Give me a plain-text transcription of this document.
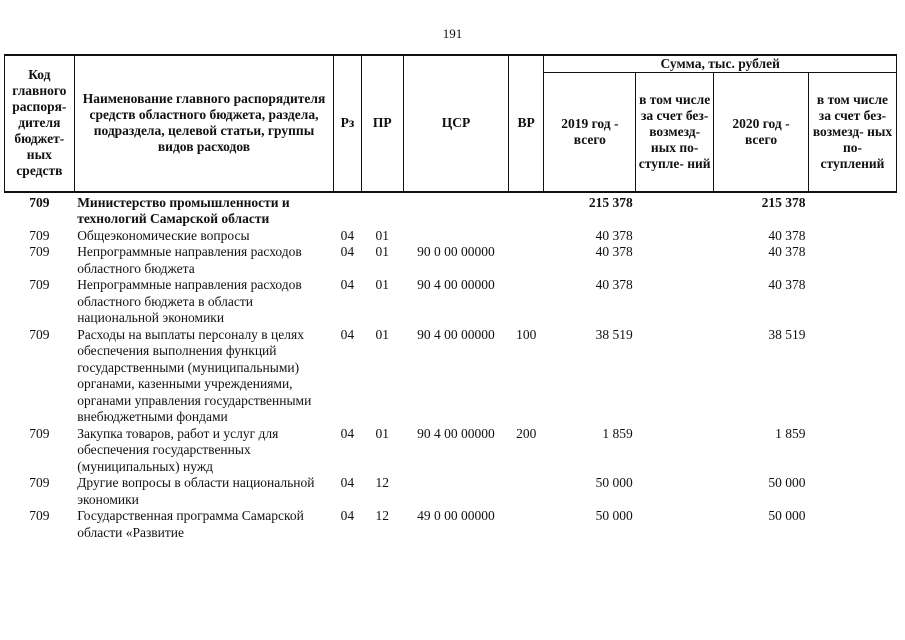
191
Код главного распоря- дителя бюджет- ных средств	Наименование главного распорядителя средств областного бюджета, раздела, подраздела, целевой статьи, группы видов расходов	Рз	ПР	ЦСР	ВР	Сумма, тыс. рублей			
						2019 год - всего	в том числе за счет без- возмезд- ных по- ступле- ний	2020 год - всего	в том числе за счет без- возмезд- ных по- ступлений
709	Министерство промышленности и технологий Самарской области					215 378		215 378	
709	Общеэкономические вопросы	04	01			40 378		40 378	
709	Непрограммные направления расходов областного бюджета	04	01	90 0 00 00000		40 378		40 378	
709	Непрограммные направления расходов областного бюджета в области национальной экономики	04	01	90 4 00 00000		40 378		40 378	
709	Расходы на выплаты персоналу в целях обеспечения выполнения функций государственными (муниципальными) органами, казенными учреждениями, органами управления государственными внебюджетными фондами	04	01	90 4 00 00000	100	38 519		38 519	
709	Закупка товаров, работ и услуг для обеспечения государственных (муниципальных) нужд	04	01	90 4 00 00000	200	1 859		1 859	
709	Другие вопросы в области национальной экономики	04	12			50 000		50 000	
709	Государственная программа Самарской области «Развитие	04	12	49 0 00 00000		50 000		50 000	
